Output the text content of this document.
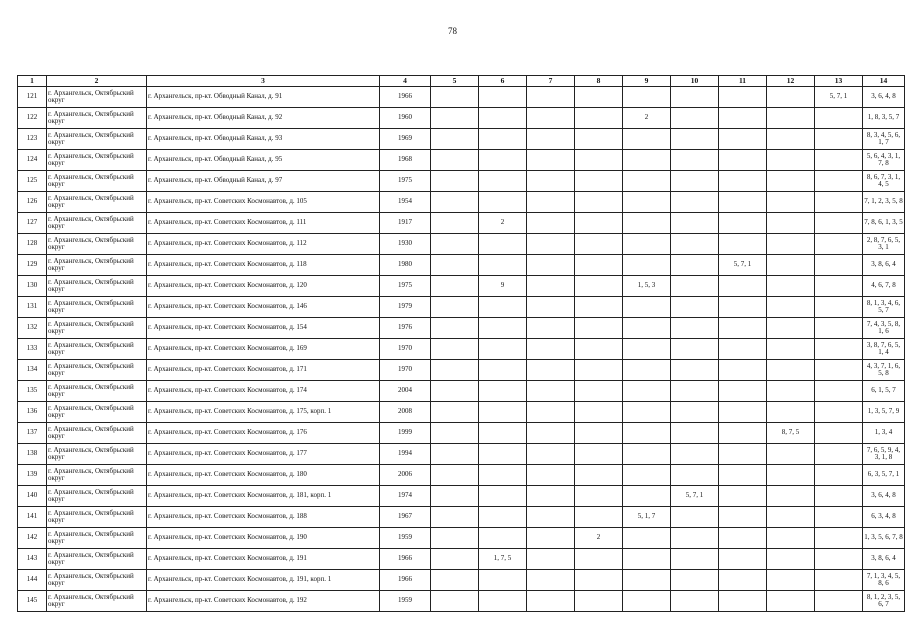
78
1	2	3	4	5	6	7	8	9	10	11	12	13	14
121	г. Архангельск, Октябрьский округ	г. Архангельск, пр-кт. Обводный Канал, д. 91	1966									5, 7, 1	3, 6, 4, 8
122	г. Архангельск, Октябрьский округ	г. Архангельск, пр-кт. Обводный Канал, д. 92	1960					2					1, 8, 3, 5, 7
123	г. Архангельск, Октябрьский округ	г. Архангельск, пр-кт. Обводный Канал, д. 93	1969										8, 3, 4, 5, 6, 1, 7
124	г. Архангельск, Октябрьский округ	г. Архангельск, пр-кт. Обводный Канал, д. 95	1968										5, 6, 4, 3, 1, 7, 8
125	г. Архангельск, Октябрьский округ	г. Архангельск, пр-кт. Обводный Канал, д. 97	1975										8, 6, 7, 3, 1, 4, 5
126	г. Архангельск, Октябрьский округ	г. Архангельск, пр-кт. Советских Космонавтов, д. 105	1954										7, 1, 2, 3, 5, 8
127	г. Архангельск, Октябрьский округ	г. Архангельск, пр-кт. Советских Космонавтов, д. 111	1917		2								7, 8, 6, 1, 3, 5
128	г. Архангельск, Октябрьский округ	г. Архангельск, пр-кт. Советских Космонавтов, д. 112	1930										2, 8, 7, 6, 5, 3, 1
129	г. Архангельск, Октябрьский округ	г. Архангельск, пр-кт. Советских Космонавтов, д. 118	1980							5, 7, 1			3, 8, 6, 4
130	г. Архангельск, Октябрьский округ	г. Архангельск, пр-кт. Советских Космонавтов, д. 120	1975		9			1, 5, 3					4, 6, 7, 8
131	г. Архангельск, Октябрьский округ	г. Архангельск, пр-кт. Советских Космонавтов, д. 146	1979										8, 1, 3, 4, 6, 5, 7
132	г. Архангельск, Октябрьский округ	г. Архангельск, пр-кт. Советских Космонавтов, д. 154	1976										7, 4, 3, 5, 8, 1, 6
133	г. Архангельск, Октябрьский округ	г. Архангельск, пр-кт. Советских Космонавтов, д. 169	1970										3, 8, 7, 6, 5, 1, 4
134	г. Архангельск, Октябрьский округ	г. Архангельск, пр-кт. Советских Космонавтов, д. 171	1970										4, 3, 7, 1, 6, 5, 8
135	г. Архангельск, Октябрьский округ	г. Архангельск, пр-кт. Советских Космонавтов, д. 174	2004										6, 1, 5, 7
136	г. Архангельск, Октябрьский округ	г. Архангельск, пр-кт. Советских Космонавтов, д. 175, корп. 1	2008										1, 3, 5, 7, 9
137	г. Архангельск, Октябрьский округ	г. Архангельск, пр-кт. Советских Космонавтов, д. 176	1999								8, 7, 5		1, 3, 4
138	г. Архангельск, Октябрьский округ	г. Архангельск, пр-кт. Советских Космонавтов, д. 177	1994										7, 6, 5, 9, 4, 3, 1, 8
139	г. Архангельск, Октябрьский округ	г. Архангельск, пр-кт. Советских Космонавтов, д. 180	2006										6, 3, 5, 7, 1
140	г. Архангельск, Октябрьский округ	г. Архангельск, пр-кт. Советских Космонавтов, д. 181, корп. 1	1974						5, 7, 1				3, 6, 4, 8
141	г. Архангельск, Октябрьский округ	г. Архангельск, пр-кт. Советских Космонавтов, д. 188	1967					5, 1, 7					6, 3, 4, 8
142	г. Архангельск, Октябрьский округ	г. Архангельск, пр-кт. Советских Космонавтов, д. 190	1959				2						1, 3, 5, 6, 7, 8
143	г. Архангельск, Октябрьский округ	г. Архангельск, пр-кт. Советских Космонавтов, д. 191	1966		1, 7, 5								3, 8, 6, 4
144	г. Архангельск, Октябрьский округ	г. Архангельск, пр-кт. Советских Космонавтов, д. 191, корп. 1	1966										7, 1, 3, 4, 5, 8, 6
145	г. Архангельск, Октябрьский округ	г. Архангельск, пр-кт. Советских Космонавтов, д. 192	1959										8, 1, 2, 3, 5, 6, 7
